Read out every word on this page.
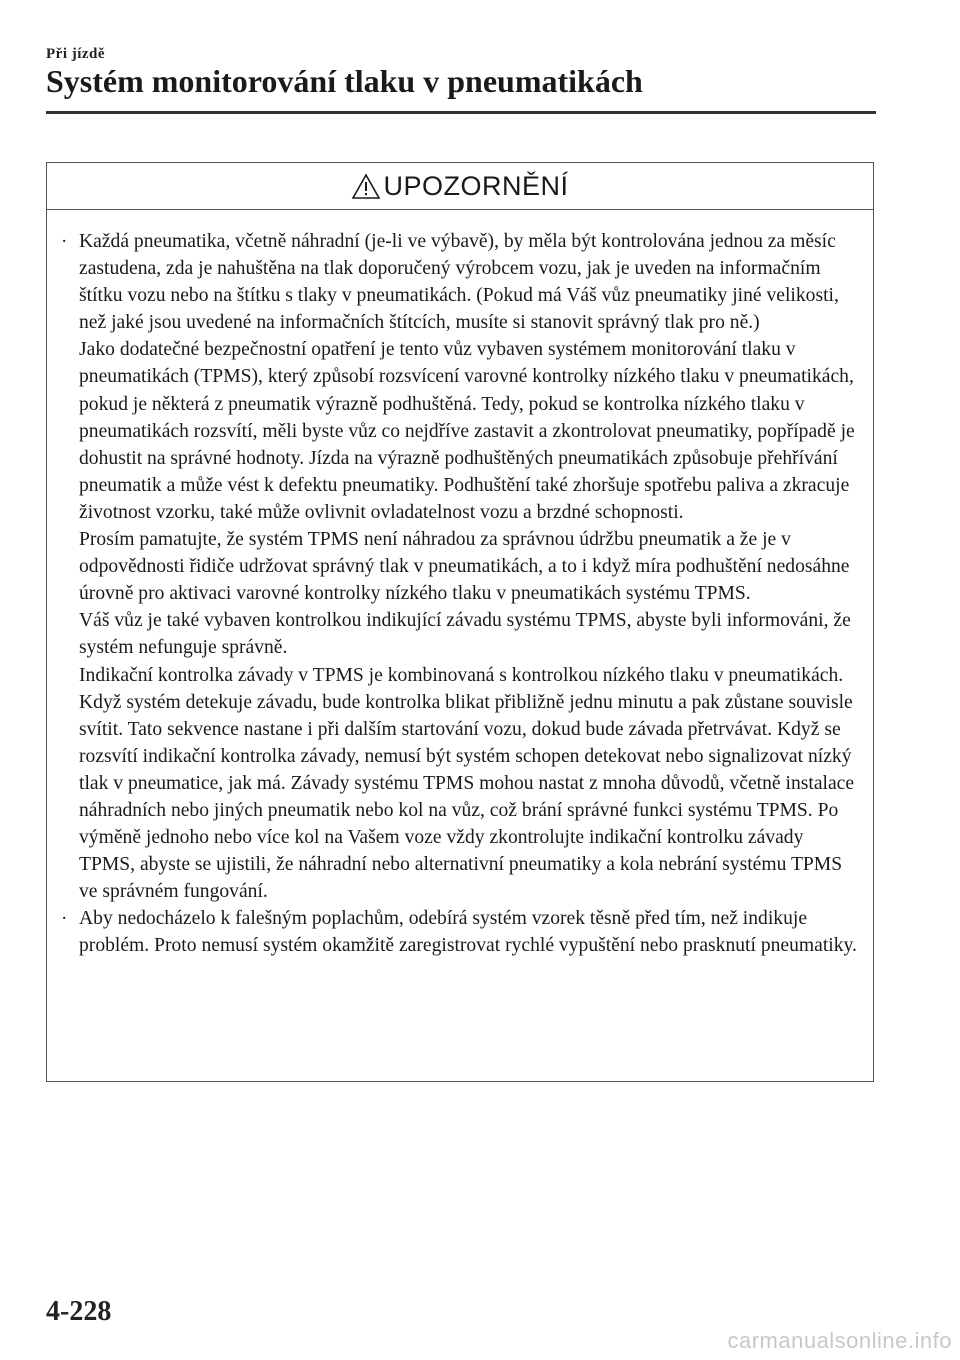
Při jízdě
Systém monitorování tlaku v pneumatikách
UPOZORNĚNÍ
· Každá pneumatika, včetně náhradní (je-li ve výbavě), by měla být kontrolována jednou za měsíc zastudena, zda je nahuštěna na tlak doporučený výrobcem vozu, jak je uveden na informačním štítku vozu nebo na štítku s tlaky v pneumatikách. (Pokud má Váš vůz pneumatiky jiné velikosti, než jaké jsou uvedené na informačních štítcích, musíte si stanovit správný tlak pro ně.)

Jako dodatečné bezpečnostní opatření je tento vůz vybaven systémem monitorování tlaku v pneumatikách (TPMS), který způsobí rozsvícení varovné kontrolky nízkého tlaku v pneumatikách, pokud je některá z pneumatik výrazně podhuštěná. Tedy, pokud se kontrolka nízkého tlaku v pneumatikách rozsvítí, měli byste vůz co nejdříve zastavit a zkontrolovat pneumatiky, popřípadě je dohustit na správné hodnoty. Jízda na výrazně podhuštěných pneumatikách způsobuje přehřívání pneumatik a může vést k defektu pneumatiky. Podhuštění také zhoršuje spotřebu paliva a zkracuje životnost vzorku, také může ovlivnit ovladatelnost vozu a brzdné schopnosti.

Prosím pamatujte, že systém TPMS není náhradou za správnou údržbu pneumatik a že je v odpovědnosti řidiče udržovat správný tlak v pneumatikách, a to i když míra podhuštění nedosáhne úrovně pro aktivaci varovné kontrolky nízkého tlaku v pneumatikách systému TPMS.

Váš vůz je také vybaven kontrolkou indikující závadu systému TPMS, abyste byli informováni, že systém nefunguje správně.

Indikační kontrolka závady v TPMS je kombinovaná s kontrolkou nízkého tlaku v pneumatikách. Když systém detekuje závadu, bude kontrolka blikat přibližně jednu minutu a pak zůstane souvisle svítit. Tato sekvence nastane i při dalším startování vozu, dokud bude závada přetrvávat. Když se rozsvítí indikační kontrolka závady, nemusí být systém schopen detekovat nebo signalizovat nízký tlak v pneumatice, jak má. Závady systému TPMS mohou nastat z mnoha důvodů, včetně instalace náhradních nebo jiných pneumatik nebo kol na vůz, což brání správné funkci systému TPMS. Po výměně jednoho nebo více kol na Vašem voze vždy zkontrolujte indikační kontrolku závady TPMS, abyste se ujistili, že náhradní nebo alternativní pneumatiky a kola nebrání systému TPMS ve správném fungování.

· Aby nedocházelo k falešným poplachům, odebírá systém vzorek těsně před tím, než indikuje problém. Proto nemusí systém okamžitě zaregistrovat rychlé vypuštění nebo prasknutí pneumatiky.

4-228
carmanualsonline.info
